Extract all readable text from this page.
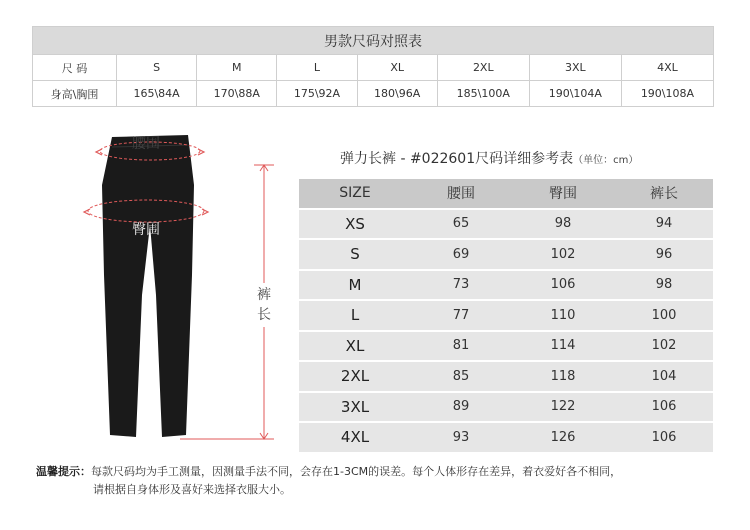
男款尺码对照表							
尺 码	S	M	L	XL	2XL	3XL	4XL
身高\胸围	165\84A	170\88A	175\92A	180\96A	185\100A	190\104A	190\108A
腰围
臀围
裤
长
弹力长裤 - #022601尺码详细参考表（单位：cm）
SIZE	腰围	臀围	裤长
XS	65	98	94
S	69	102	96
M	73	106	98
L	77	110	100
XL	81	114	102
2XL	85	118	104
3XL	89	122	106
4XL	93	126	106
温馨提示：每款尺码均为手工测量，因测量手法不同，会存在1-3CM的误差。每个人体形存在差异，着衣爱好各不相同，
请根据自身体形及喜好来选择衣服大小。
